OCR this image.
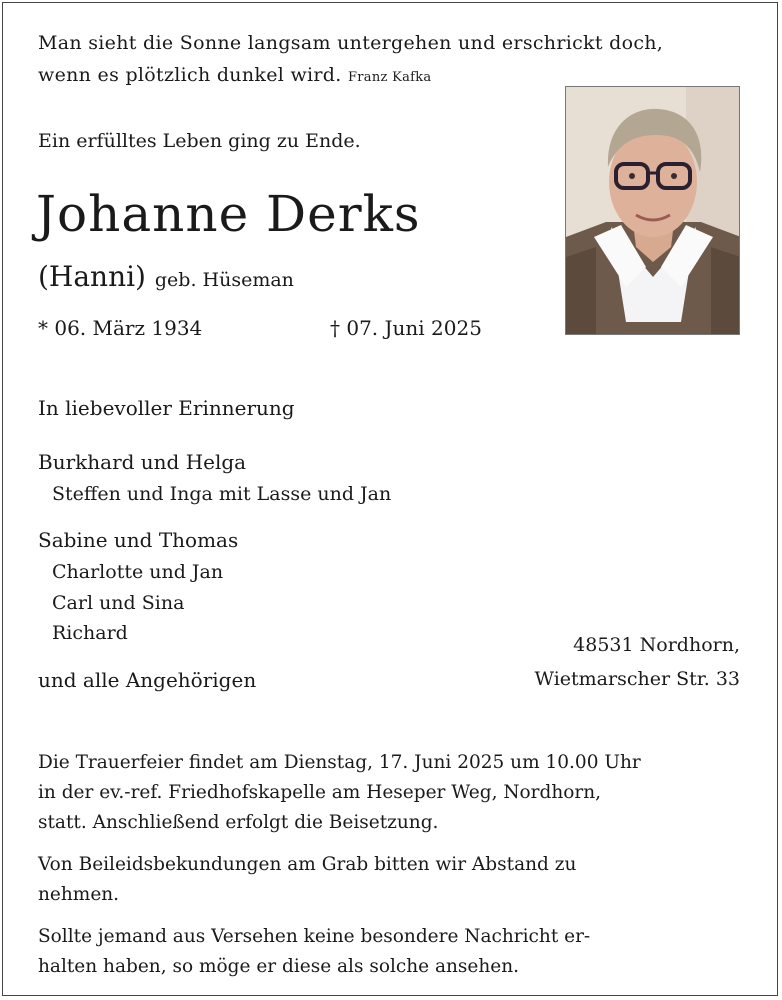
Man sieht die Sonne langsam untergehen und erschrickt doch,
wenn es plötzlich dunkel wird. Franz Kafka
Ein erfülltes Leben ging zu Ende.
Johanne Derks
(Hanni) geb. Hüseman
* 06. März 1934	† 07. Juni 2025
In liebevoller Erinnerung
Burkhard und Helga
Steffen und Inga mit Lasse und Jan
Sabine und Thomas
Charlotte und Jan
Carl und Sina
Richard
und alle Angehörigen
48531 Nordhorn,
Wietmarscher Str. 33
Die Trauerfeier findet am Dienstag, 17. Juni 2025 um 10.00 Uhr
in der ev.-ref. Friedhofskapelle am Heseper Weg, Nordhorn,
statt. Anschließend erfolgt die Beisetzung.
Von Beileidsbekundungen am Grab bitten wir Abstand zu
nehmen.
Sollte jemand aus Versehen keine besondere Nachricht er-
halten haben, so möge er diese als solche ansehen.
